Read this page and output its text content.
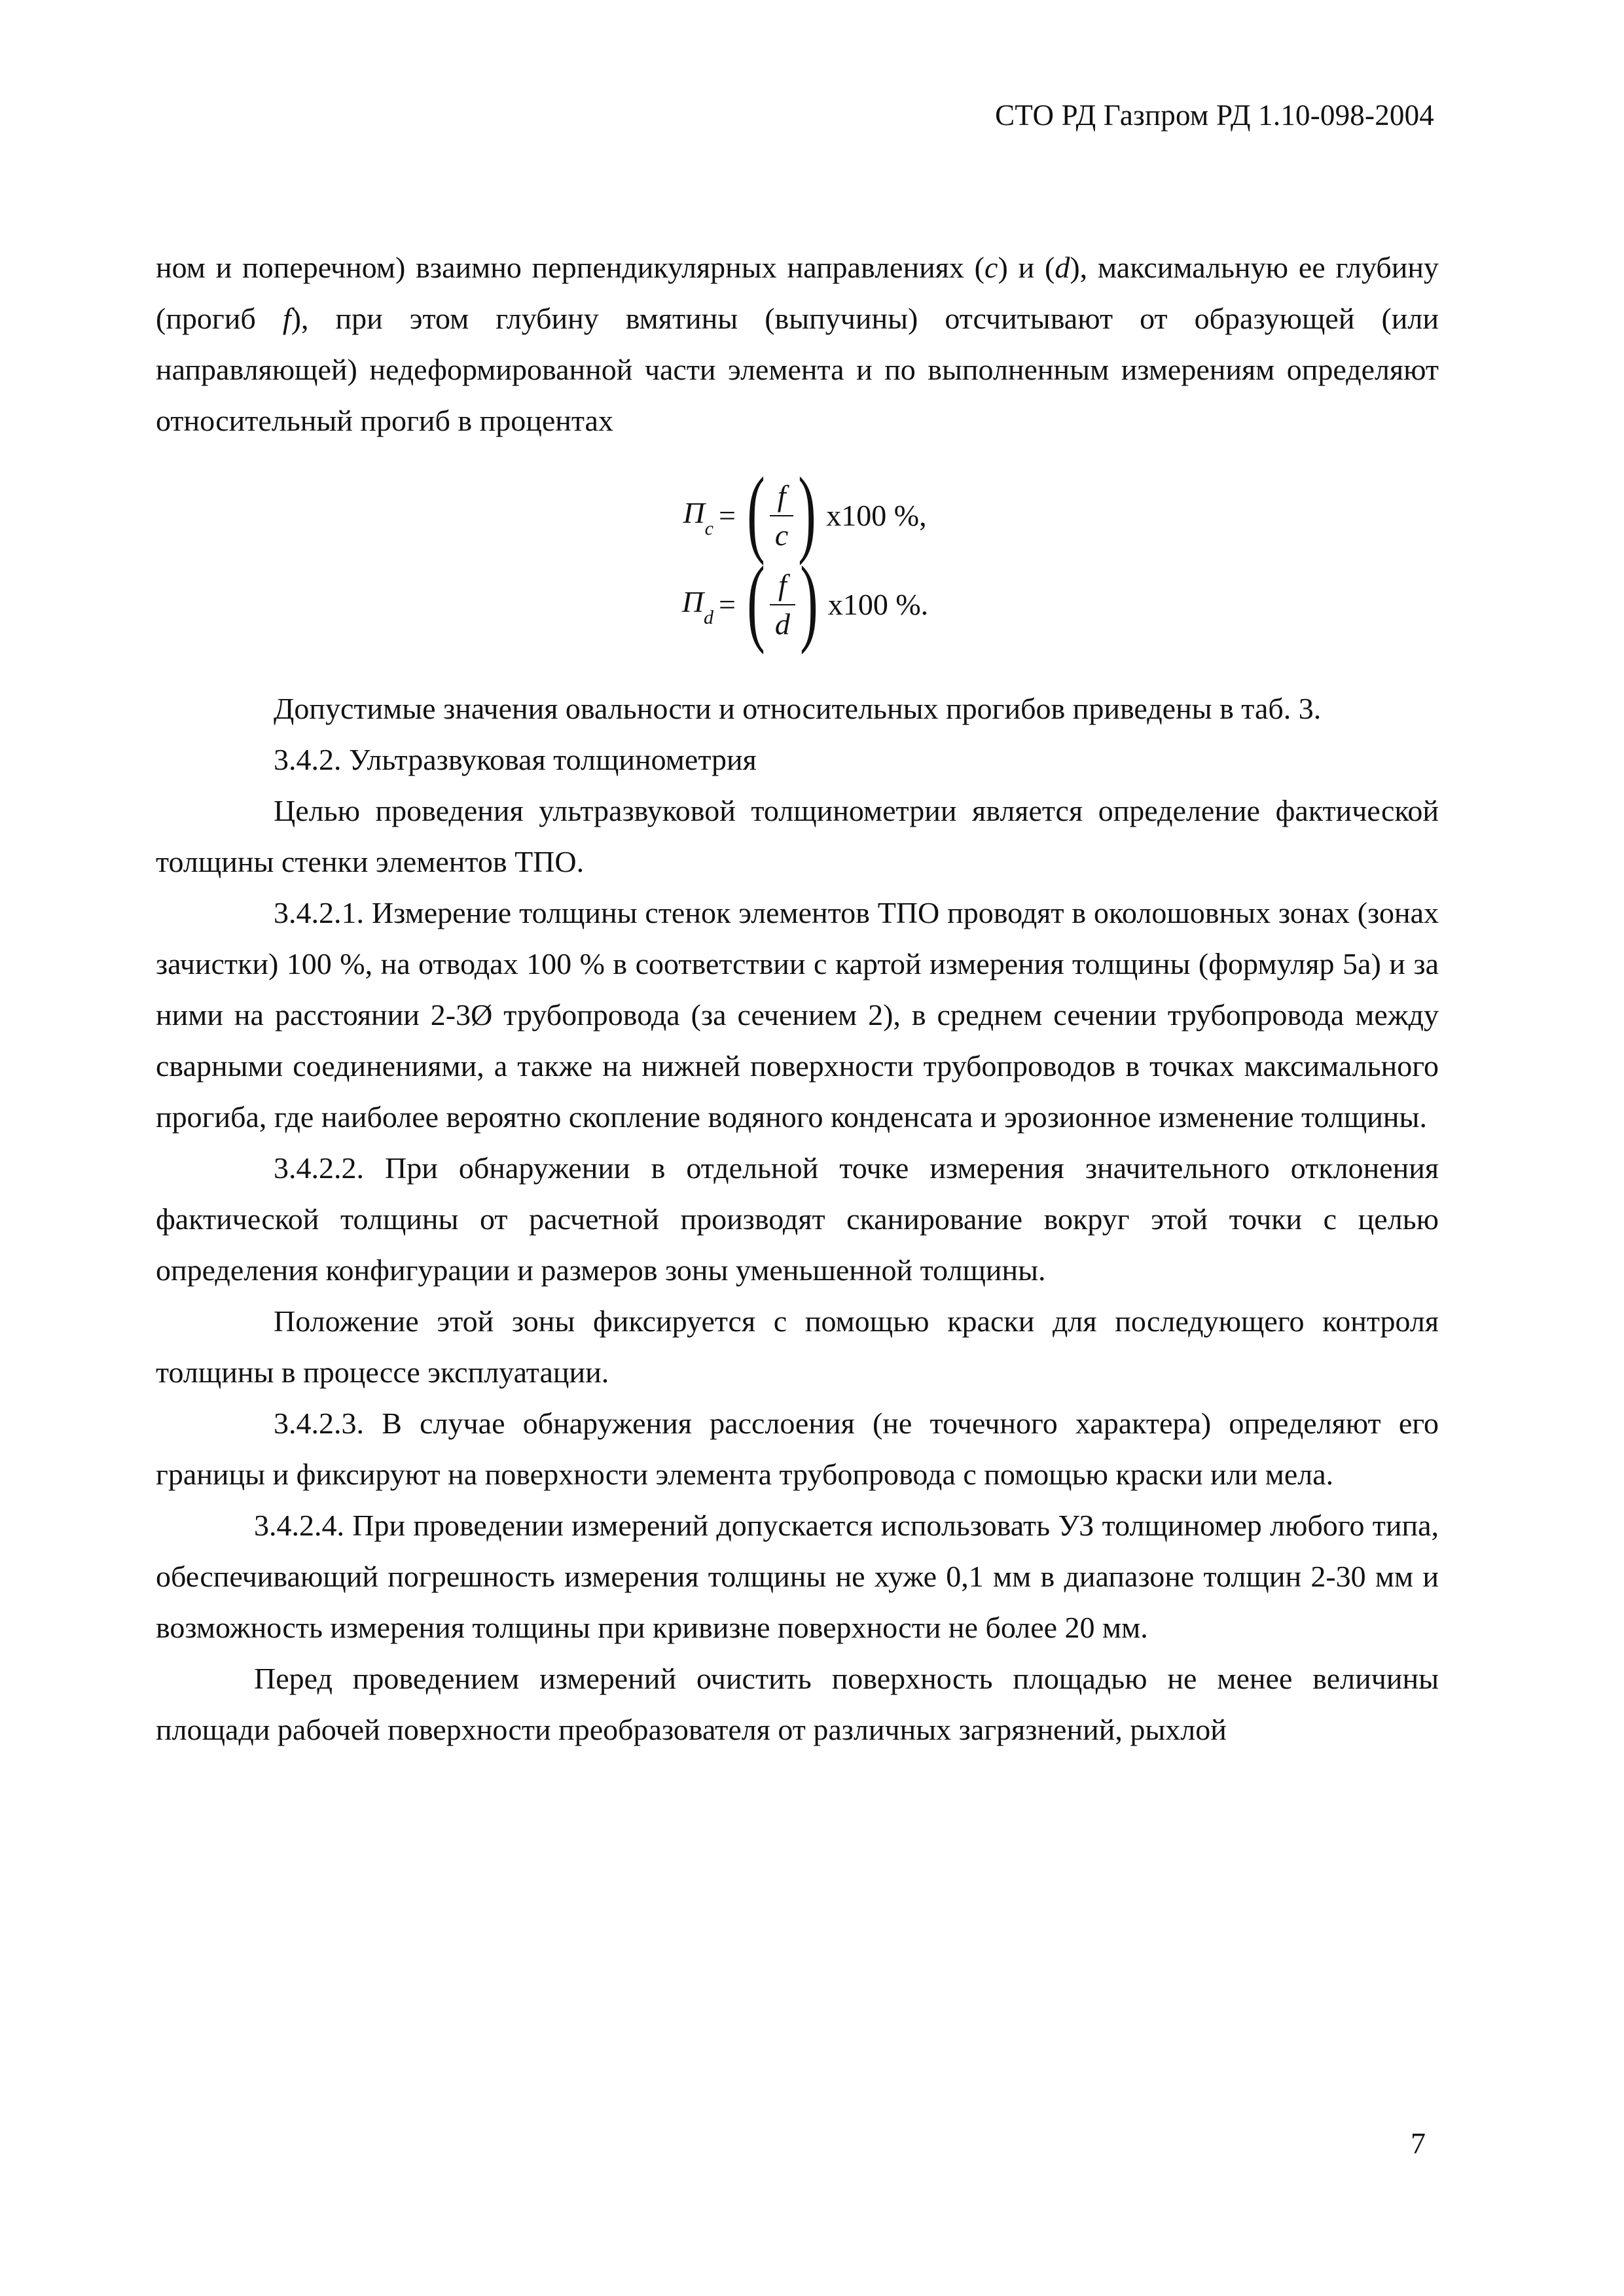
СТО РД Газпром РД 1.10-098-2004

ном и поперечном) взаимно перпендикулярных направлениях (c) и (d), максимальную ее глубину (прогиб f), при этом глубину вмятины (выпучины) отсчитывают от образующей (или направляющей) недеформированной части элемента и по выполненным измерениям определяют относительный прогиб в процентах

$П_c$ = ( $\frac{f}{c}$ ) х100 %,
$П_d$ = ( $\frac{f}{d}$ ) х100 %.

Допустимые значения овальности и относительных прогибов приведены в таб. 3.

3.4.2. Ультразвуковая толщинометрия

Целью проведения ультразвуковой толщинометрии является определение фактической толщины стенки элементов ТПО.

3.4.2.1. Измерение толщины стенок элементов ТПО проводят в околошовных зонах (зонах зачистки) 100 %, на отводах 100 % в соответствии с картой измерения толщины (формуляр 5а) и за ними на расстоянии 2-3Ø трубопровода (за сечением 2), в среднем сечении трубопровода между сварными соединениями, а также на нижней поверхности трубопроводов в точках максимального прогиба, где наиболее вероятно скопление водяного конденсата и эрозионное изменение толщины.

3.4.2.2. При обнаружении в отдельной точке измерения значительного отклонения фактической толщины от расчетной производят сканирование вокруг этой точки с целью определения конфигурации и размеров зоны уменьшенной толщины.

Положение этой зоны фиксируется с помощью краски для последующего контроля толщины в процессе эксплуатации.

3.4.2.3. В случае обнаружения расслоения (не точечного характера) определяют его границы и фиксируют на поверхности элемента трубопровода с помощью краски или мела.

3.4.2.4. При проведении измерений допускается использовать УЗ толщиномер любого типа, обеспечивающий погрешность измерения толщины не хуже 0,1 мм в диапазоне толщин 2-30 мм и возможность измерения толщины при кривизне поверхности не более 20 мм.

Перед проведением измерений очистить поверхность площадью не менее величины площади рабочей поверхности преобразователя от различных загрязнений, рыхлой

7
